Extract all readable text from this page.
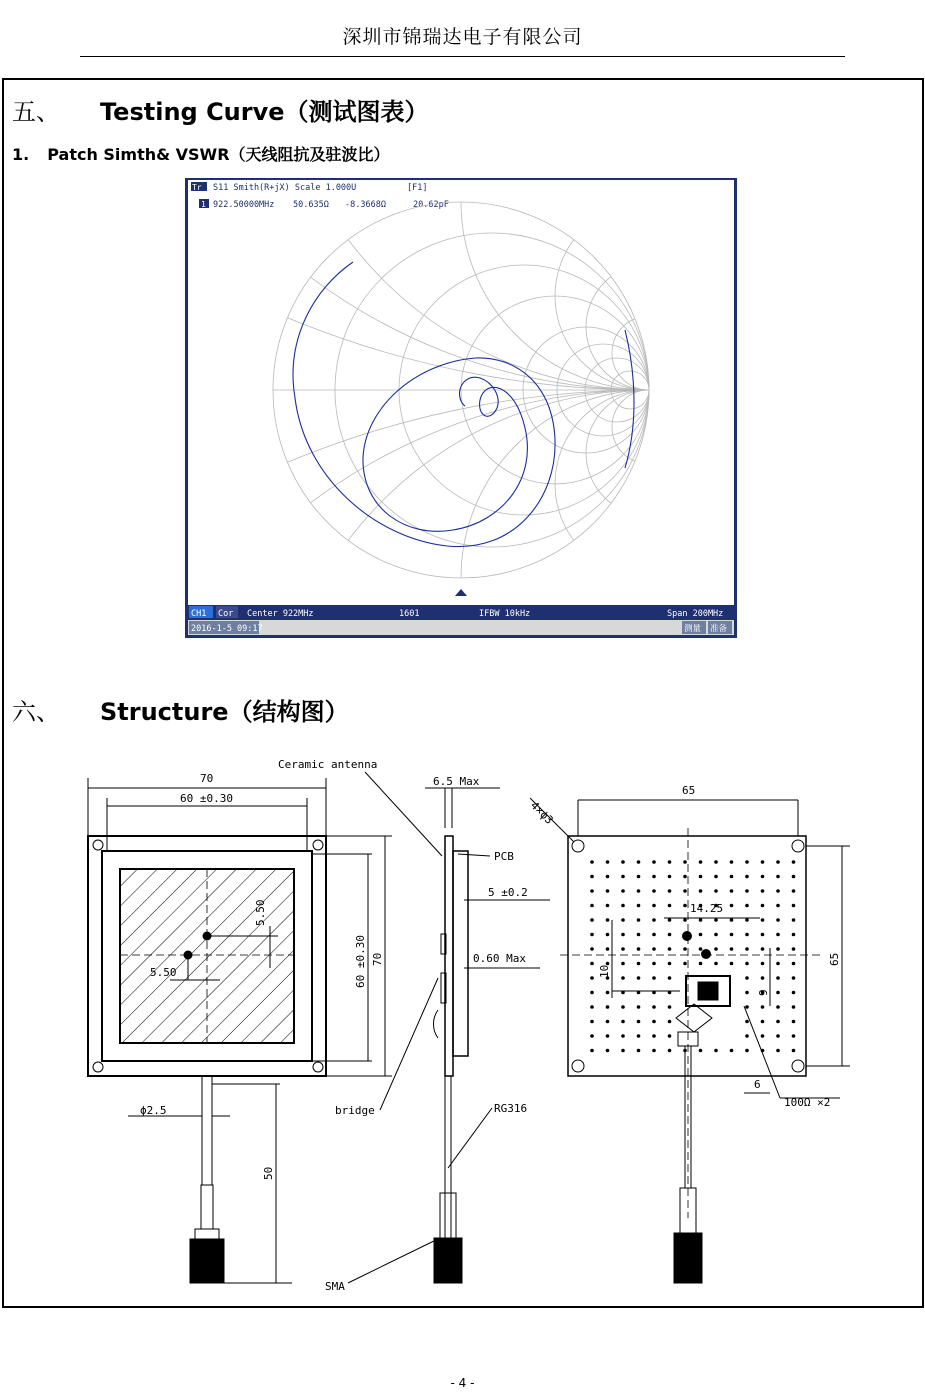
深圳市锦瑞达电子有限公司
五、 Testing Curve（测试图表）
1. Patch Simth& VSWR（天线阻抗及驻波比）
Tr 1 S11 Smith(R+jX) Scale 1.000U	[F1]
1 922.50000MHz 50.635Ω -8.3668Ω	20.62pF
CH1 Cor Center 922MHz	1601	IFBW 10kHz	Span 200MHz
2016-1-5 09:17	测量 准备
六、 Structure（结构图）
70
60 ±0.30
5.50
5.50	60 ±0.30 70
ϕ2.5
50
Ceramic antenna
6.5 Max
PCB
5 ±0.2
0.60 Max
bridge	RG316
SMA
4×ϕ3
65
65
14.25
10
9
6
100Ω ×2
- 4 -
